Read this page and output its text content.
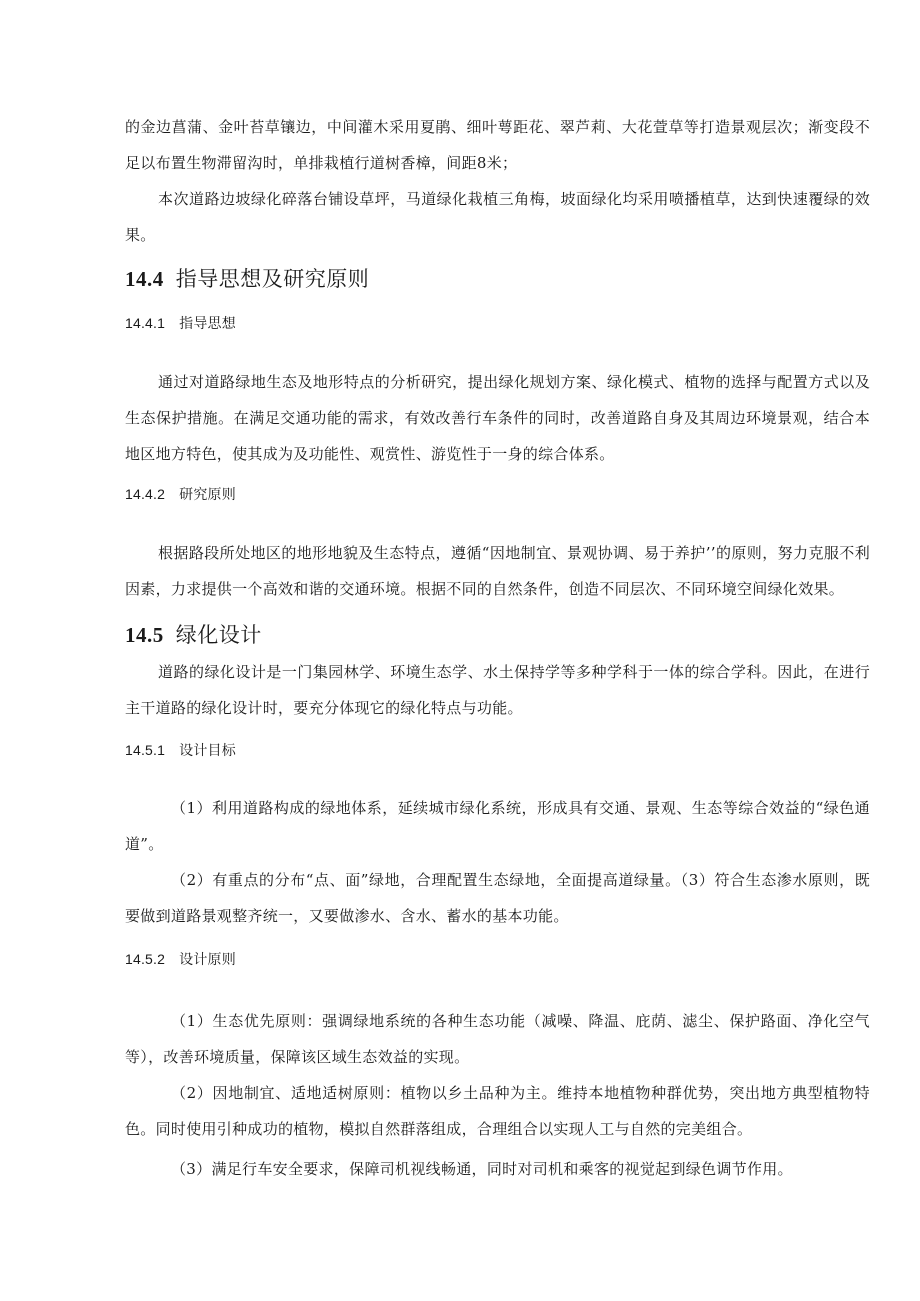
的金边菖蒲、金叶苔草镶边，中间灌木采用夏鹃、细叶萼距花、翠芦莉、大花萱草等打造景观层次；渐变段不足以布置生物滞留沟时，单排栽植行道树香樟，间距8米；

本次道路边坡绿化碎落台铺设草坪，马道绿化栽植三角梅，坡面绿化均采用喷播植草，达到快速覆绿的效果。

14.4 指导思想及研究原则
14.4.1 指导思想

通过对道路绿地生态及地形特点的分析研究，提出绿化规划方案、绿化模式、植物的选择与配置方式以及生态保护措施。在满足交通功能的需求，有效改善行车条件的同时，改善道路自身及其周边环境景观，结合本地区地方特色，使其成为及功能性、观赏性、游览性于一身的综合体系。

14.4.2 研究原则

根据路段所处地区的地形地貌及生态特点，遵循“因地制宜、景观协调、易于养护’’的原则，努力克服不利因素，力求提供一个高效和谐的交通环境。根据不同的自然条件，创造不同层次、不同环境空间绿化效果。

14.5 绿化设计

道路的绿化设计是一门集园林学、环境生态学、水土保持学等多种学科于一体的综合学科。因此，在进行主干道路的绿化设计时，要充分体现它的绿化特点与功能。

14.5.1 设计目标

（1）利用道路构成的绿地体系，延续城市绿化系统，形成具有交通、景观、生态等综合效益的“绿色通道”。

（2）有重点的分布“点、面”绿地，合理配置生态绿地，全面提高道绿量。（3）符合生态渗水原则，既要做到道路景观整齐统一，又要做渗水、含水、蓄水的基本功能。

14.5.2 设计原则

（1）生态优先原则：强调绿地系统的各种生态功能（减噪、降温、庇荫、滤尘、保护路面、净化空气等），改善环境质量，保障该区域生态效益的实现。

（2）因地制宜、适地适树原则：植物以乡土品种为主。维持本地植物种群优势，突出地方典型植物特色。同时使用引种成功的植物，模拟自然群落组成，合理组合以实现人工与自然的完美组合。

（3）满足行车安全要求，保障司机视线畅通，同时对司机和乘客的视觉起到绿色调节作用。
